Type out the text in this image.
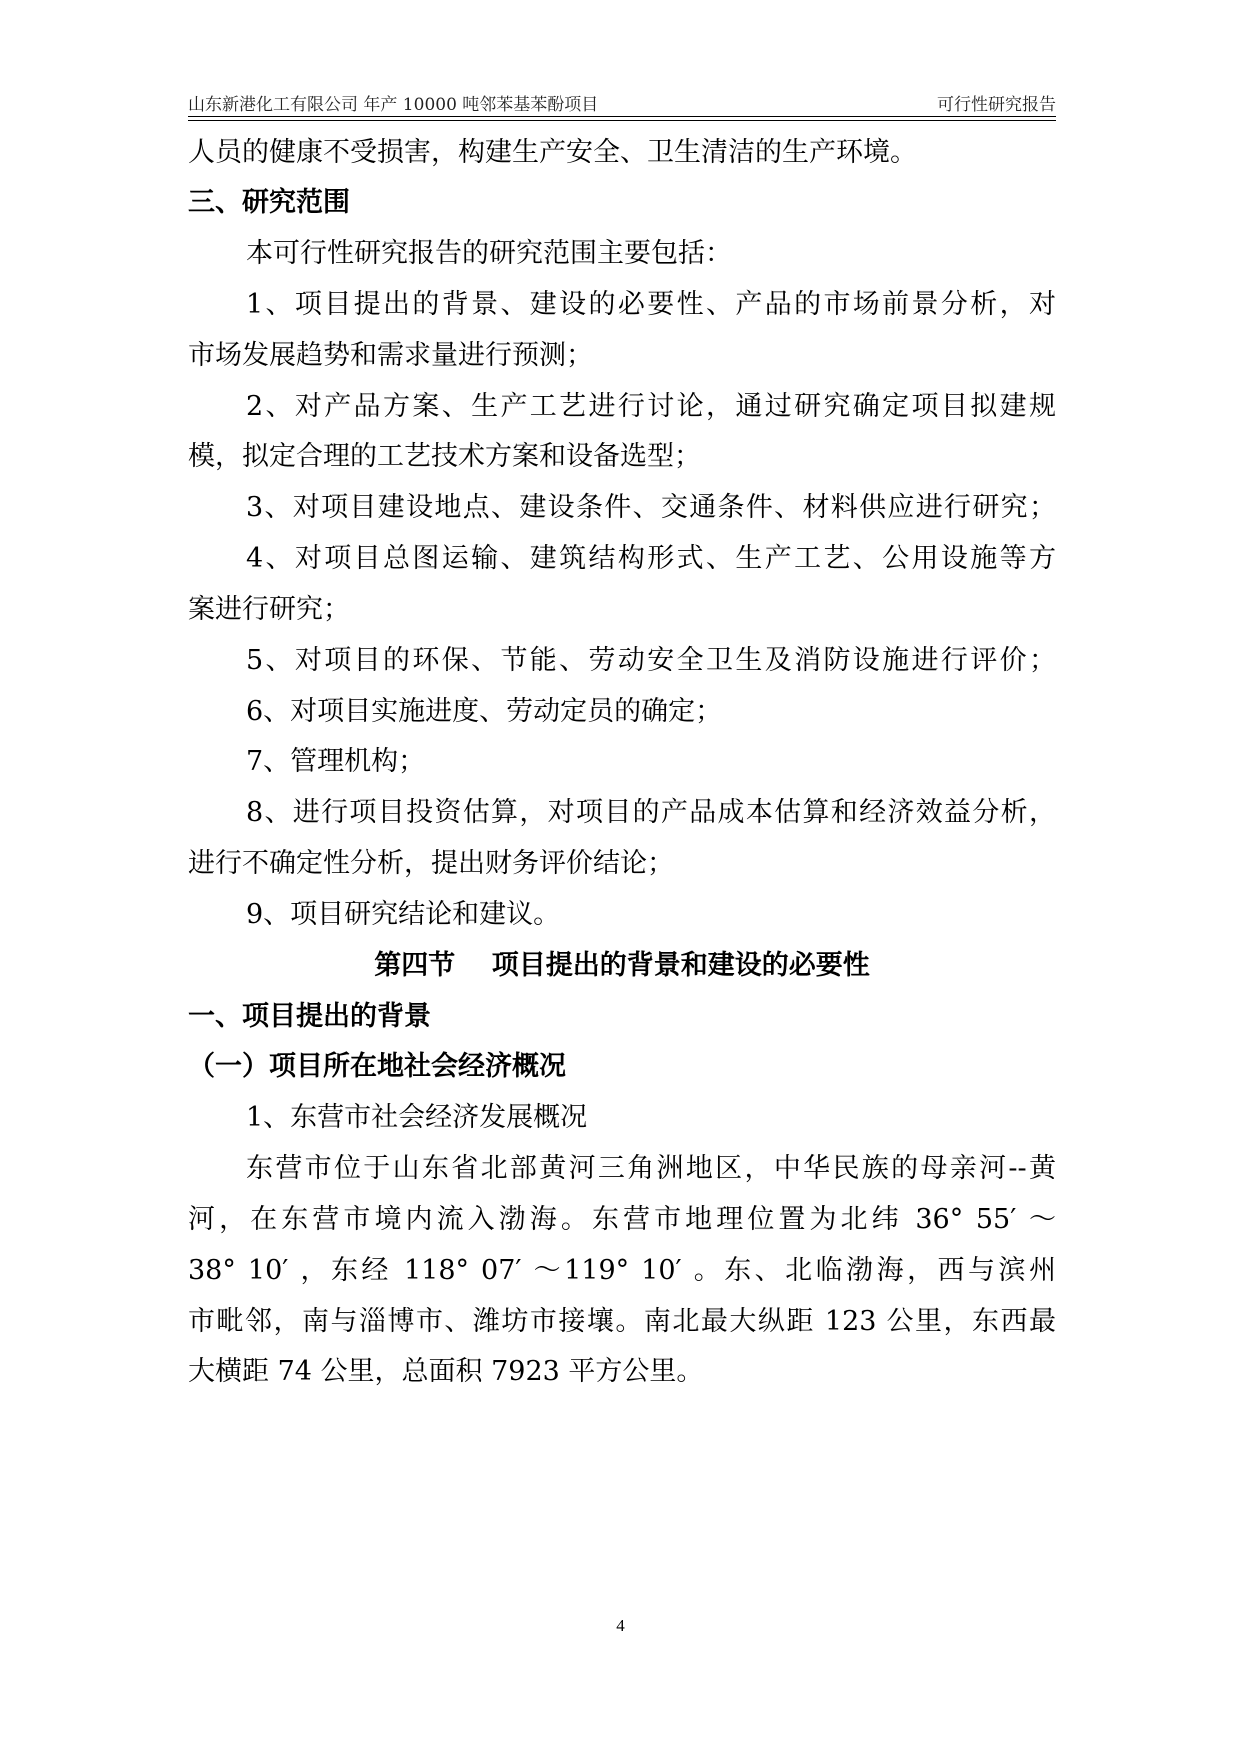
山东新港化工有限公司 年产 10000 吨邻苯基苯酚项目	可行性研究报告
人员的健康不受损害，构建生产安全、卫生清洁的生产环境。
三、研究范围
本可行性研究报告的研究范围主要包括：
1、项目提出的背景、建设的必要性、产品的市场前景分析，对
市场发展趋势和需求量进行预测；
2、对产品方案、生产工艺进行讨论，通过研究确定项目拟建规
模，拟定合理的工艺技术方案和设备选型；
3、对项目建设地点、建设条件、交通条件、材料供应进行研究；
4、对项目总图运输、建筑结构形式、生产工艺、公用设施等方
案进行研究；
5、对项目的环保、节能、劳动安全卫生及消防设施进行评价；
6、对项目实施进度、劳动定员的确定；
7、管理机构；
8、进行项目投资估算，对项目的产品成本估算和经济效益分析，
进行不确定性分析，提出财务评价结论；
9、项目研究结论和建议。
第四节　 项目提出的背景和建设的必要性
一、项目提出的背景
（一）项目所在地社会经济概况
1、东营市社会经济发展概况
东营市位于山东省北部黄河三角洲地区，中华民族的母亲河--黄
河，在东营市境内流入渤海。东营市地理位置为北纬 36° 55′ ～
38° 10′ ，东经 118° 07′ ～119° 10′ 。东、北临渤海，西与滨州
市毗邻，南与淄博市、潍坊市接壤。南北最大纵距 123 公里，东西最
大横距 74 公里，总面积 7923 平方公里。
4
